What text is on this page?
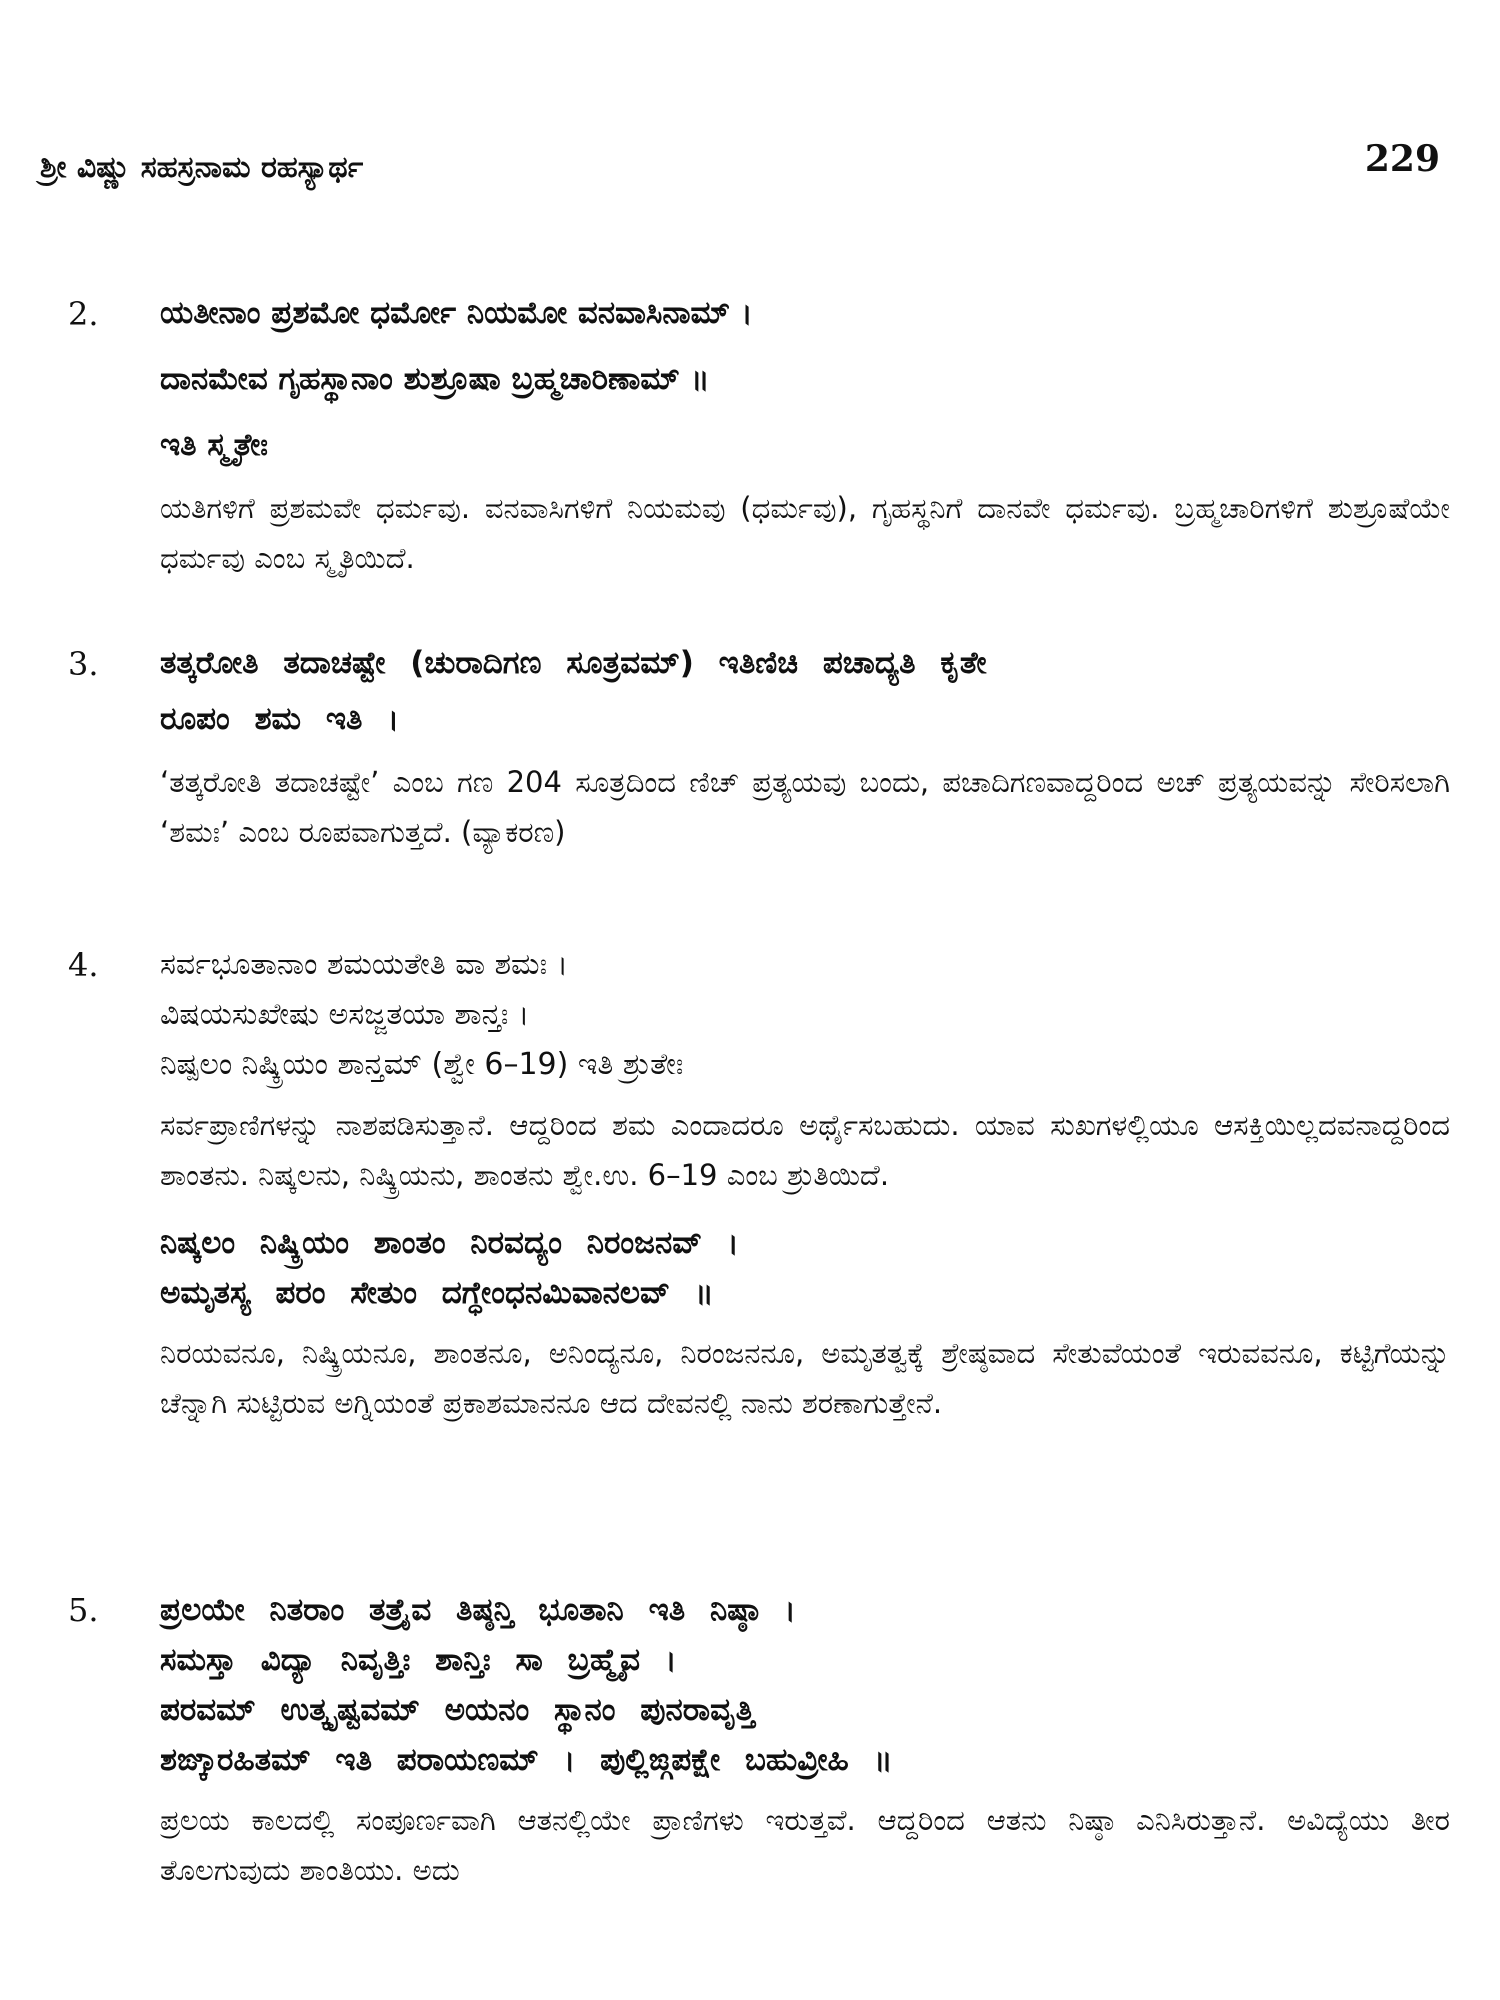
ಶ್ರೀ ವಿಷ್ಣು ಸಹಸ್ರನಾಮ ರಹಸ್ಯಾರ್ಥ	229
2. ಯತೀನಾಂ ಪ್ರಶಮೋ ಧರ್ಮೋ ನಿಯಮೋ ವನವಾಸಿನಾಮ್ ।

ದಾನಮೇವ ಗೃಹಸ್ಥಾನಾಂ ಶುಶ್ರೂಷಾ ಬ್ರಹ್ಮಚಾರಿಣಾಮ್ ॥

ಇತಿ ಸ್ಮೃತೇಃ

ಯತಿಗಳಿಗೆ ಪ್ರಶಮವೇ ಧರ್ಮವು. ವನವಾಸಿಗಳಿಗೆ ನಿಯಮವು (ಧರ್ಮವು), ಗೃಹಸ್ಥನಿಗೆ ದಾನವೇ ಧರ್ಮವು. ಬ್ರಹ್ಮಚಾರಿಗಳಿಗೆ ಶುಶ್ರೂಷೆಯೇ ಧರ್ಮವು ಎಂಬ ಸ್ಮೃತಿಯಿದೆ.

3. ತತ್ಕರೋತಿ ತದಾಚಷ್ಟೇ (ಚುರಾದಿಗಣ ಸೂತ್ರವಮ್) ಇತಿಣಿಚಿ ಪಚಾದ್ಯತಿ ಕೃತೇ

ರೂಪಂ ಶಮ ಇತಿ ।

‘ತತ್ಕರೋತಿ ತದಾಚಷ್ಟೇ’ ಎಂಬ ಗಣ 204 ಸೂತ್ರದಿಂದ ಣಿಚ್ ಪ್ರತ್ಯಯವು ಬಂದು, ಪಚಾದಿಗಣವಾದ್ದರಿಂದ ಅಚ್ ಪ್ರತ್ಯಯವನ್ನು ಸೇರಿಸಲಾಗಿ ‘ಶಮಃ’ ಎಂಬ ರೂಪವಾಗುತ್ತದೆ. (ವ್ಯಾಕರಣ)

4. ಸರ್ವಭೂತಾನಾಂ ಶಮಯತೇತಿ ವಾ ಶಮಃ ।

ವಿಷಯಸುಖೇಷು ಅಸಜ್ಜತಯಾ ಶಾನ್ತಃ ।

ನಿಷ್ಪಲಂ ನಿಷ್ಕ್ರಿಯಂ ಶಾನ್ತಮ್ (ಶ್ವೇ 6–19) ಇತಿ ಶ್ರುತೇಃ

ಸರ್ವಪ್ರಾಣಿಗಳನ್ನು ನಾಶಪಡಿಸುತ್ತಾನೆ. ಆದ್ದರಿಂದ ಶಮ ಎಂದಾದರೂ ಅರ್ಥೈಸಬಹುದು. ಯಾವ ಸುಖಗಳಲ್ಲಿಯೂ ಆಸಕ್ತಿಯಿಲ್ಲದವನಾದ್ದರಿಂದ ಶಾಂತನು. ನಿಷ್ಕಲನು, ನಿಷ್ಕ್ರಿಯನು, ಶಾಂತನು ಶ್ವೇ.ಉ. 6–19 ಎಂಬ ಶ್ರುತಿಯಿದೆ.

ನಿಷ್ಕಲಂ ನಿಷ್ಕ್ರಿಯಂ ಶಾಂತಂ ನಿರವದ್ಯಂ ನಿರಂಜನವ್ ।

ಅಮೃತಸ್ಯ ಪರಂ ಸೇತುಂ ದಗ್ಧೇಂಧನಮಿವಾನಲವ್ ॥

ನಿರಯವನೂ, ನಿಷ್ಕ್ರಿಯನೂ, ಶಾಂತನೂ, ಅನಿಂದ್ಯನೂ, ನಿರಂಜನನೂ, ಅಮೃತತ್ವಕ್ಕೆ ಶ್ರೇಷ್ಠವಾದ ಸೇತುವೆಯಂತೆ ಇರುವವನೂ, ಕಟ್ಟಿಗೆಯನ್ನು ಚೆನ್ನಾಗಿ ಸುಟ್ಟಿರುವ ಅಗ್ನಿಯಂತೆ ಪ್ರಕಾಶಮಾನನೂ ಆದ ದೇವನಲ್ಲಿ ನಾನು ಶರಣಾಗುತ್ತೇನೆ.

5. ಪ್ರಲಯೇ ನಿತರಾಂ ತತ್ರೈವ ತಿಷ್ಠನ್ತಿ ಭೂತಾನಿ ಇತಿ ನಿಷ್ಠಾ ।

ಸಮಸ್ತಾ ವಿದ್ಯಾ ನಿವೃತ್ತಿಃ ಶಾನ್ತಿಃ ಸಾ ಬ್ರಹ್ಮೈವ ।

ಪರವಮ್ ಉತ್ಕೃಷ್ಟವಮ್ ಅಯನಂ ಸ್ಥಾನಂ ಪುನರಾವೃತ್ತಿ

ಶಙ್ಕಾರಹಿತಮ್ ಇತಿ ಪರಾಯಣಮ್ । ಪುಲ್ಲಿಙ್ಗಪಕ್ಷೇ ಬಹುವ್ರೀಹಿ ॥

ಪ್ರಲಯ ಕಾಲದಲ್ಲಿ ಸಂಪೂರ್ಣವಾಗಿ ಆತನಲ್ಲಿಯೇ ಪ್ರಾಣಿಗಳು ಇರುತ್ತವೆ. ಆದ್ದರಿಂದ ಆತನು ನಿಷ್ಠಾ ಎನಿಸಿರುತ್ತಾನೆ. ಅವಿದ್ಯೆಯು ತೀರ ತೊಲಗುವುದು ಶಾಂತಿಯು. ಅದು
